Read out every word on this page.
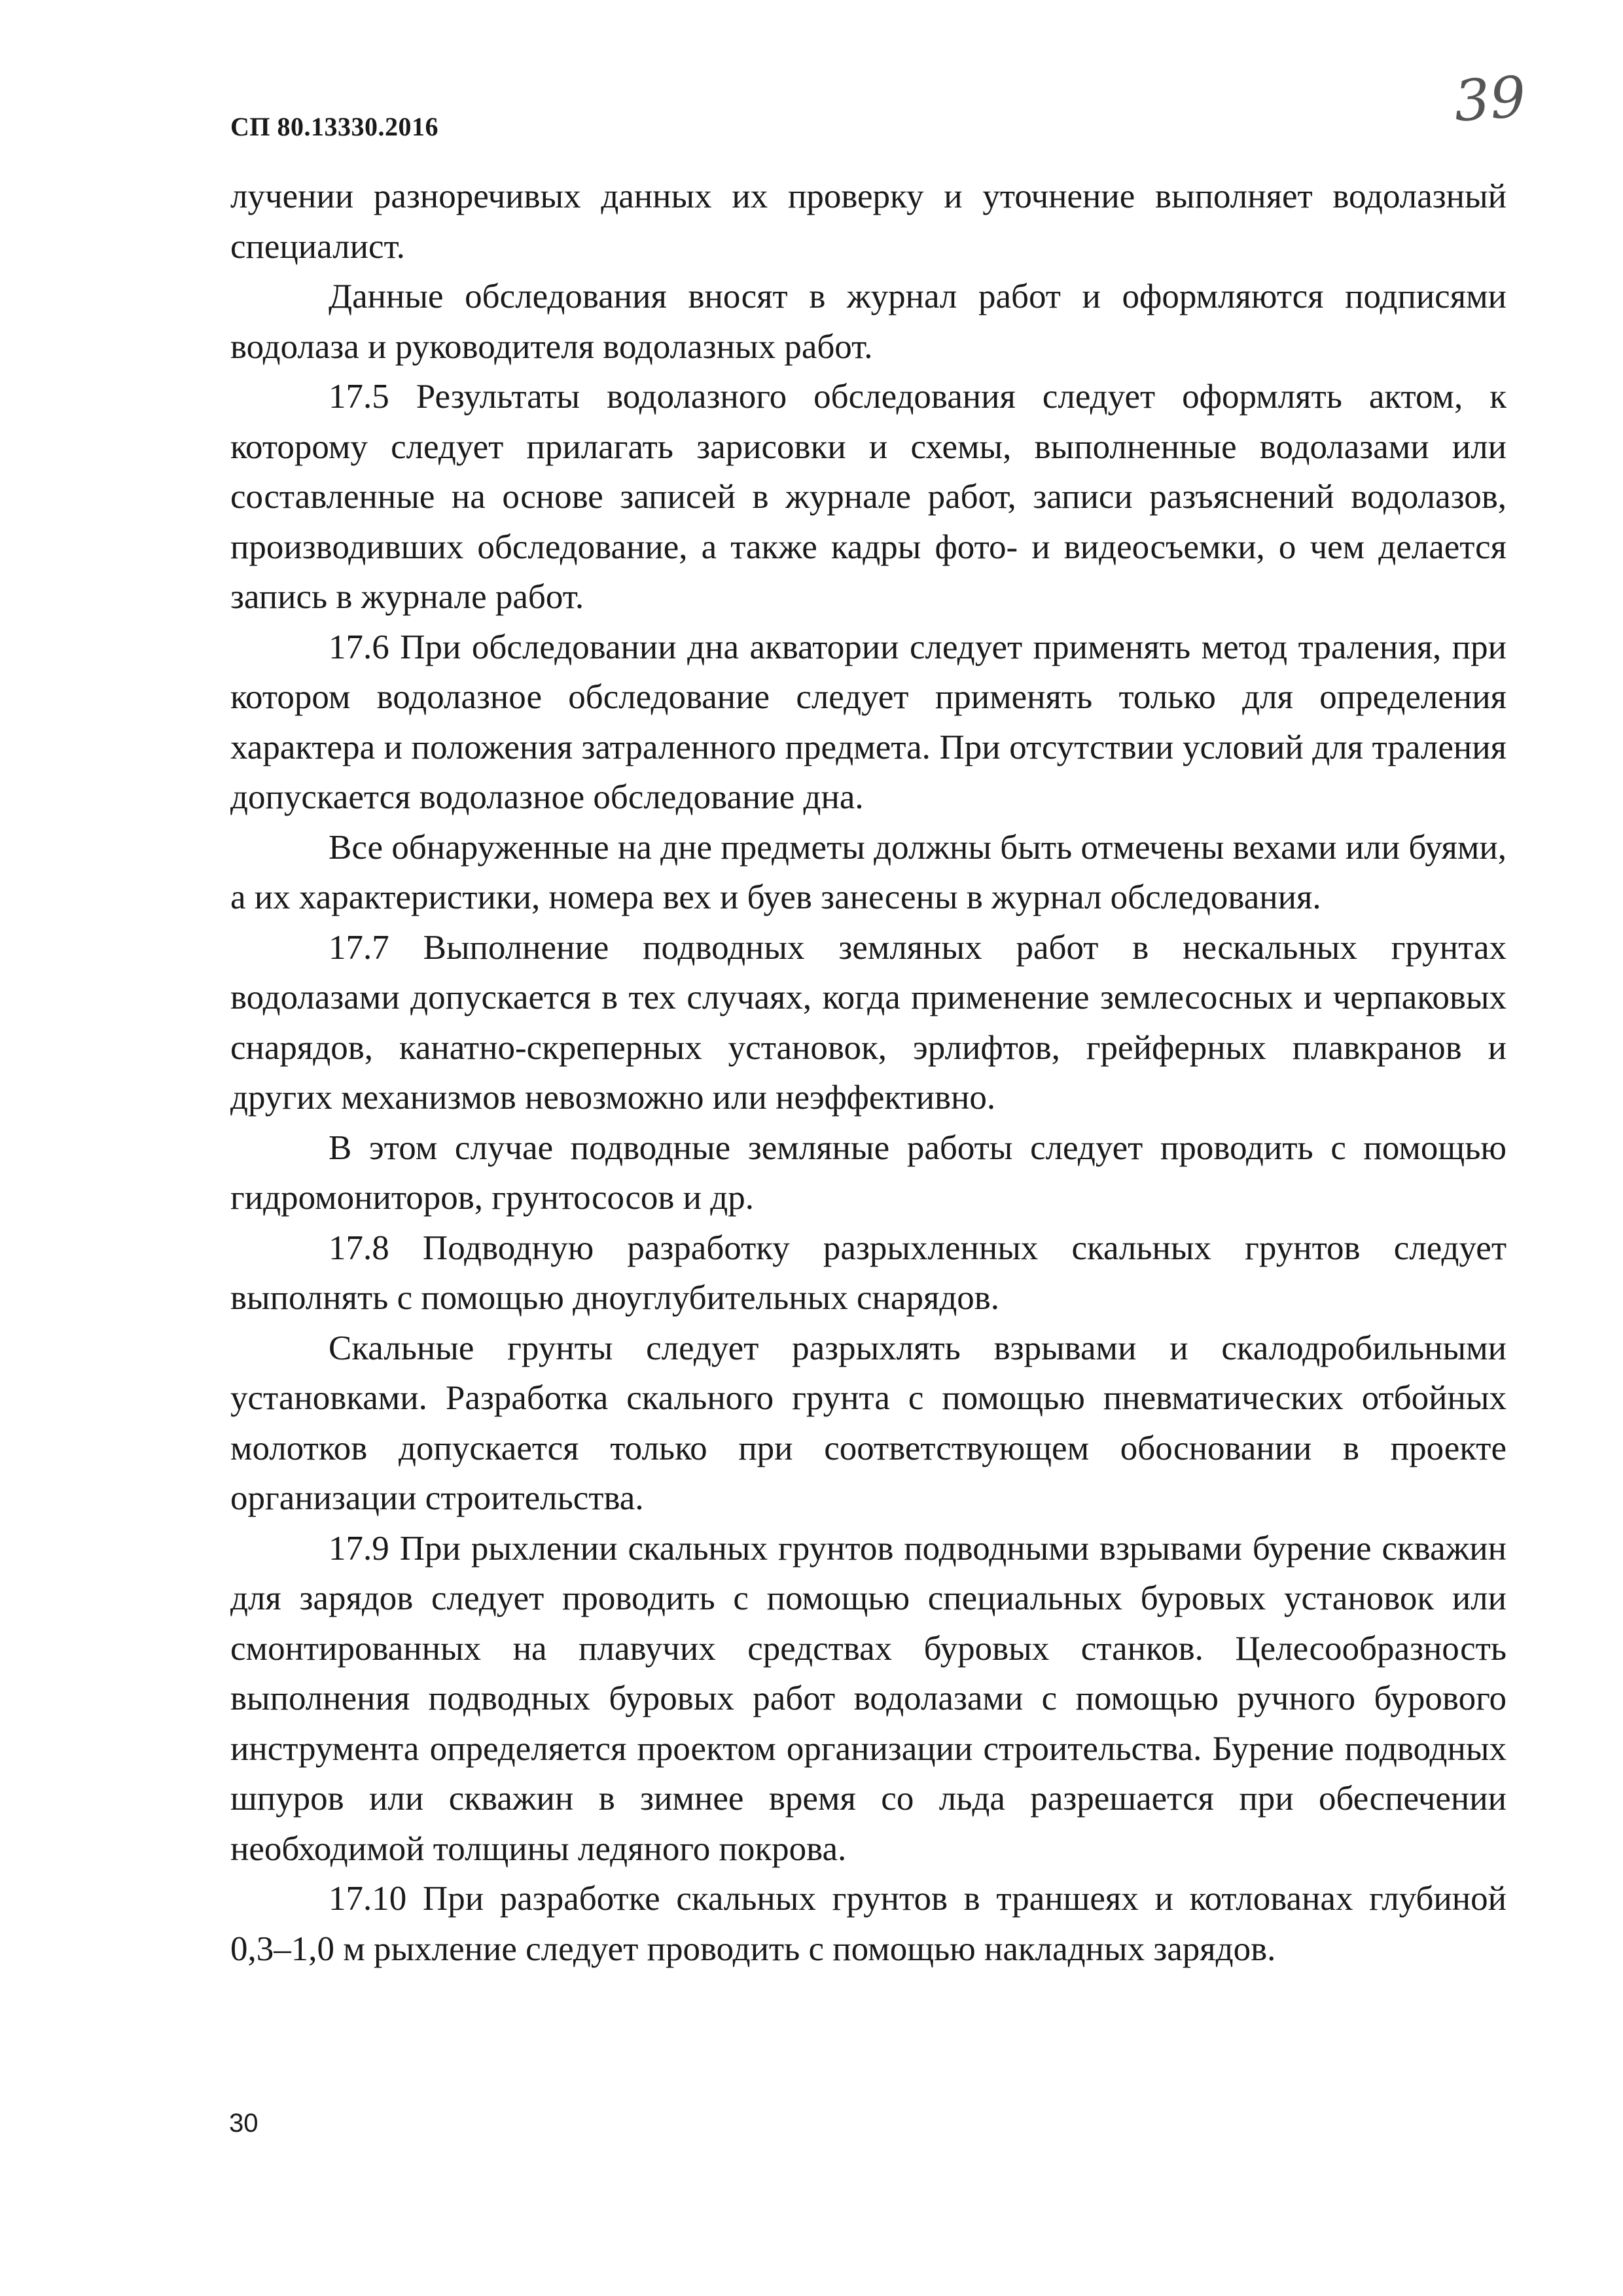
СП 80.13330.2016	39

лучении разноречивых данных их проверку и уточнение выполняет водолазный специалист.

Данные обследования вносят в журнал работ и оформляются подписями водолаза и руководителя водолазных работ.

17.5 Результаты водолазного обследования следует оформлять актом, к которому следует прилагать зарисовки и схемы, выполненные водолазами или составленные на основе записей в журнале работ, записи разъяснений водолазов, производивших обследование, а также кадры фото- и видеосъемки, о чем делается запись в журнале работ.

17.6 При обследовании дна акватории следует применять метод траления, при котором водолазное обследование следует применять только для определения характера и положения затраленного предмета. При отсутствии условий для траления допускается водолазное обследование дна.

Все обнаруженные на дне предметы должны быть отмечены вехами или буями, а их характеристики, номера вех и буев занесены в журнал обследования.

17.7 Выполнение подводных земляных работ в нескальных грунтах водолазами допускается в тех случаях, когда применение землесосных и черпаковых снарядов, канатно-скреперных установок, эрлифтов, грейферных плавкранов и других механизмов невозможно или неэффективно.

В этом случае подводные земляные работы следует проводить с помощью гидромониторов, грунтососов и др.

17.8 Подводную разработку разрыхленных скальных грунтов следует выполнять с помощью дноуглубительных снарядов.

Скальные грунты следует разрыхлять взрывами и скалодробильными установками. Разработка скального грунта с помощью пневматических отбойных молотков допускается только при соответствующем обосновании в проекте организации строительства.

17.9 При рыхлении скальных грунтов подводными взрывами бурение скважин для зарядов следует проводить с помощью специальных буровых установок или смонтированных на плавучих средствах буровых станков. Целесообразность выполнения подводных буровых работ водолазами с помощью ручного бурового инструмента определяется проектом организации строительства. Бурение подводных шпуров или скважин в зимнее время со льда разрешается при обеспечении необходимой толщины ледяного покрова.

17.10 При разработке скальных грунтов в траншеях и котлованах глубиной 0,3–1,0 м рыхление следует проводить с помощью накладных зарядов.

30
